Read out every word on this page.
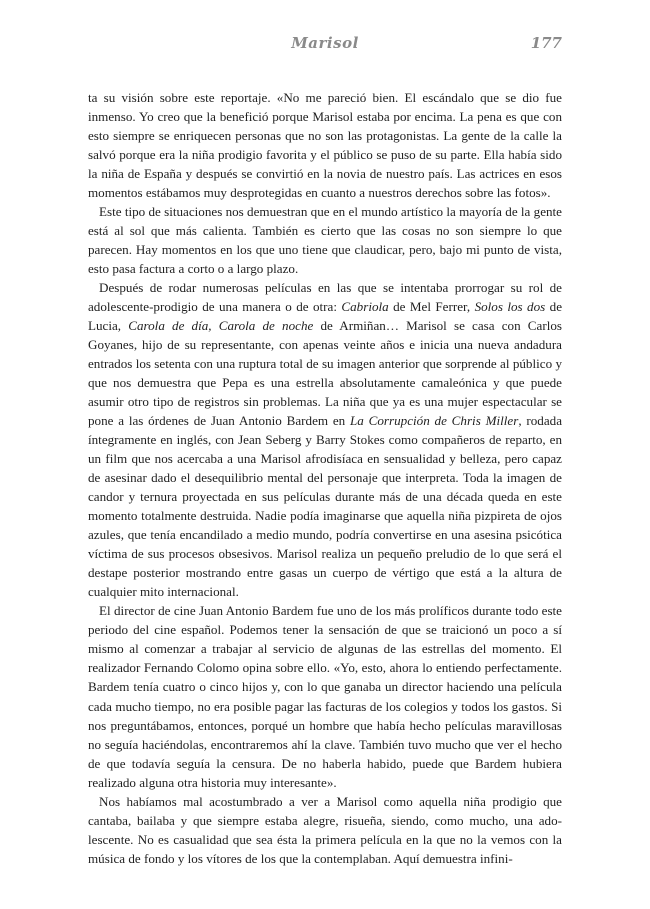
Marisol	177

ta su visión sobre este reportaje. «No me pareció bien. El escándalo que se dio fue inmenso. Yo creo que la benefició porque Marisol estaba por encima. La pena es que con esto siempre se enriquecen personas que no son las protagonistas. La gente de la calle la salvó porque era la niña prodigio favorita y el público se puso de su parte. Ella había sido la niña de España y después se convirtió en la novia de nuestro país. Las actrices en esos momentos estábamos muy desprotegidas en cuanto a nuestros derechos sobre las fotos».

Este tipo de situaciones nos demuestran que en el mundo artístico la mayoría de la gente está al sol que más calienta. También es cierto que las cosas no son siempre lo que parecen. Hay momentos en los que uno tiene que claudicar, pero, bajo mi punto de vista, esto pasa factura a corto o a largo plazo.

Después de rodar numerosas películas en las que se intentaba prorrogar su rol de adolescente-prodigio de una manera o de otra: Cabriola de Mel Ferrer, Solos los dos de Lucia, Carola de día, Carola de noche de Armiñan… Marisol se casa con Carlos Goyanes, hijo de su representante, con apenas veinte años e inicia una nueva andadura entrados los setenta con una ruptura total de su imagen anterior que sorprende al público y que nos demuestra que Pepa es una estrella absolutamente camaleónica y que puede asumir otro tipo de registros sin problemas. La niña que ya es una mujer espectacular se pone a las órdenes de Juan Antonio Bardem en La Corrupción de Chris Miller, rodada íntegramente en inglés, con Jean Seberg y Barry Stokes como compañeros de reparto, en un film que nos acercaba a una Marisol afrodisíaca en sensualidad y belleza, pero capaz de asesinar dado el desequilibrio mental del personaje que interpreta. Toda la imagen de candor y ternura proyectada en sus películas durante más de una década queda en este momento totalmente destruida. Nadie podía imaginarse que aquella niña pizpireta de ojos azules, que tenía encandilado a medio mundo, podría convertirse en una asesina psicótica víctima de sus procesos obsesivos. Marisol realiza un pequeño preludio de lo que será el destape posterior mostrando entre gasas un cuerpo de vértigo que está a la altura de cualquier mito internacional.

El director de cine Juan Antonio Bardem fue uno de los más prolíficos durante todo este periodo del cine español. Podemos tener la sensación de que se traicionó un poco a sí mismo al comenzar a trabajar al servicio de algunas de las estrellas del momento. El realizador Fernando Colomo opina sobre ello. «Yo, esto, ahora lo entiendo perfectamente. Bardem tenía cuatro o cinco hijos y, con lo que ganaba un director haciendo una película cada mucho tiempo, no era posible pagar las facturas de los colegios y todos los gastos. Si nos preguntábamos, entonces, porqué un hombre que había hecho películas maravillosas no seguía haciéndolas, encontraremos ahí la clave. También tuvo mucho que ver el hecho de que todavía seguía la censura. De no haberla habido, puede que Bardem hubiera realizado alguna otra historia muy interesante».

Nos habíamos mal acostumbrado a ver a Marisol como aquella niña prodigio que cantaba, bailaba y que siempre estaba alegre, risueña, siendo, como mucho, una adolescente. No es casualidad que sea ésta la primera película en la que no la vemos con la música de fondo y los vítores de los que la contemplaban. Aquí demuestra infini-
